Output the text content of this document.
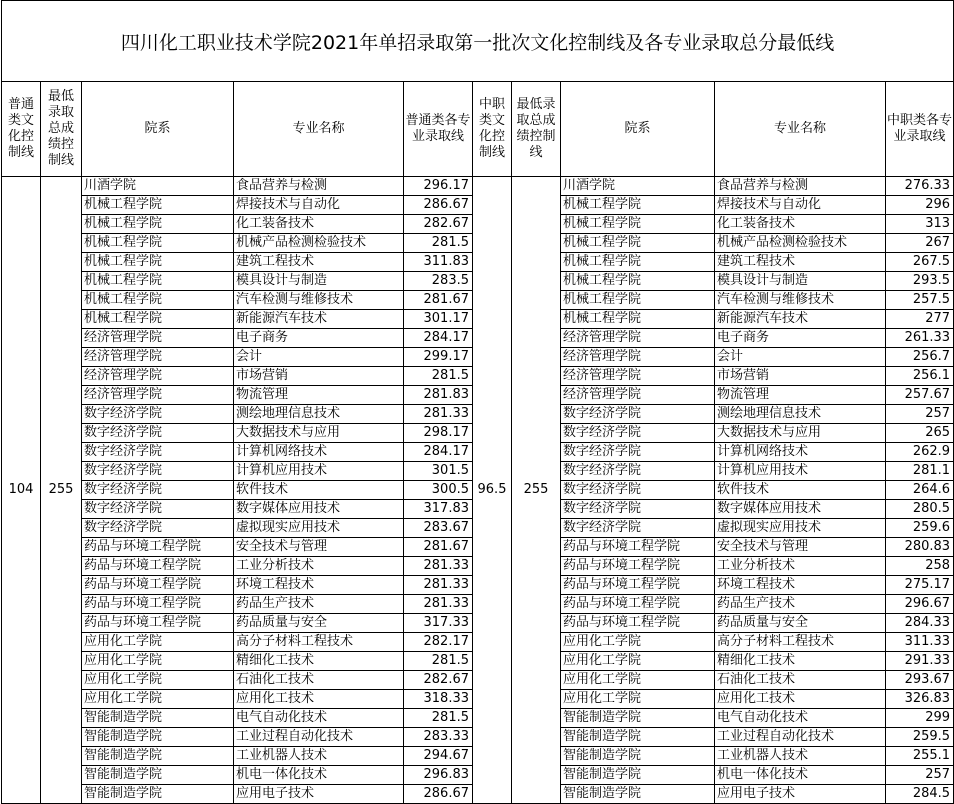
四川化工职业技术学院2021年单招录取第一批次文化控制线及各专业录取总分最低线									
普通类文化控制线	最低录取总成绩控制线	院系	专业名称	普通类各专业录取线	中职类文化控制线	最低录取总成绩控制线	院系	专业名称	中职类各专业录取线
104	255	川酒学院	食品营养与检测	296.17	96.5	255	川酒学院	食品营养与检测	276.33
		机械工程学院	焊接技术与自动化	286.67			机械工程学院	焊接技术与自动化	296
		机械工程学院	化工装备技术	282.67			机械工程学院	化工装备技术	313
		机械工程学院	机械产品检测检验技术	281.5			机械工程学院	机械产品检测检验技术	267
		机械工程学院	建筑工程技术	311.83			机械工程学院	建筑工程技术	267.5
		机械工程学院	模具设计与制造	283.5			机械工程学院	模具设计与制造	293.5
		机械工程学院	汽车检测与维修技术	281.67			机械工程学院	汽车检测与维修技术	257.5
		机械工程学院	新能源汽车技术	301.17			机械工程学院	新能源汽车技术	277
		经济管理学院	电子商务	284.17			经济管理学院	电子商务	261.33
		经济管理学院	会计	299.17			经济管理学院	会计	256.7
		经济管理学院	市场营销	281.5			经济管理学院	市场营销	256.1
		经济管理学院	物流管理	281.83			经济管理学院	物流管理	257.67
		数字经济学院	测绘地理信息技术	281.33			数字经济学院	测绘地理信息技术	257
		数字经济学院	大数据技术与应用	298.17			数字经济学院	大数据技术与应用	265
		数字经济学院	计算机网络技术	284.17			数字经济学院	计算机网络技术	262.9
		数字经济学院	计算机应用技术	301.5			数字经济学院	计算机应用技术	281.1
		数字经济学院	软件技术	300.5			数字经济学院	软件技术	264.6
		数字经济学院	数字媒体应用技术	317.83			数字经济学院	数字媒体应用技术	280.5
		数字经济学院	虚拟现实应用技术	283.67			数字经济学院	虚拟现实应用技术	259.6
		药品与环境工程学院	安全技术与管理	281.67			药品与环境工程学院	安全技术与管理	280.83
		药品与环境工程学院	工业分析技术	281.33			药品与环境工程学院	工业分析技术	258
		药品与环境工程学院	环境工程技术	281.33			药品与环境工程学院	环境工程技术	275.17
		药品与环境工程学院	药品生产技术	281.33			药品与环境工程学院	药品生产技术	296.67
		药品与环境工程学院	药品质量与安全	317.33			药品与环境工程学院	药品质量与安全	284.33
		应用化工学院	高分子材料工程技术	282.17			应用化工学院	高分子材料工程技术	311.33
		应用化工学院	精细化工技术	281.5			应用化工学院	精细化工技术	291.33
		应用化工学院	石油化工技术	282.67			应用化工学院	石油化工技术	293.67
		应用化工学院	应用化工技术	318.33			应用化工学院	应用化工技术	326.83
		智能制造学院	电气自动化技术	281.5			智能制造学院	电气自动化技术	299
		智能制造学院	工业过程自动化技术	283.33			智能制造学院	工业过程自动化技术	259.5
		智能制造学院	工业机器人技术	294.67			智能制造学院	工业机器人技术	255.1
		智能制造学院	机电一体化技术	296.83			智能制造学院	机电一体化技术	257
		智能制造学院	应用电子技术	286.67			智能制造学院	应用电子技术	284.5
